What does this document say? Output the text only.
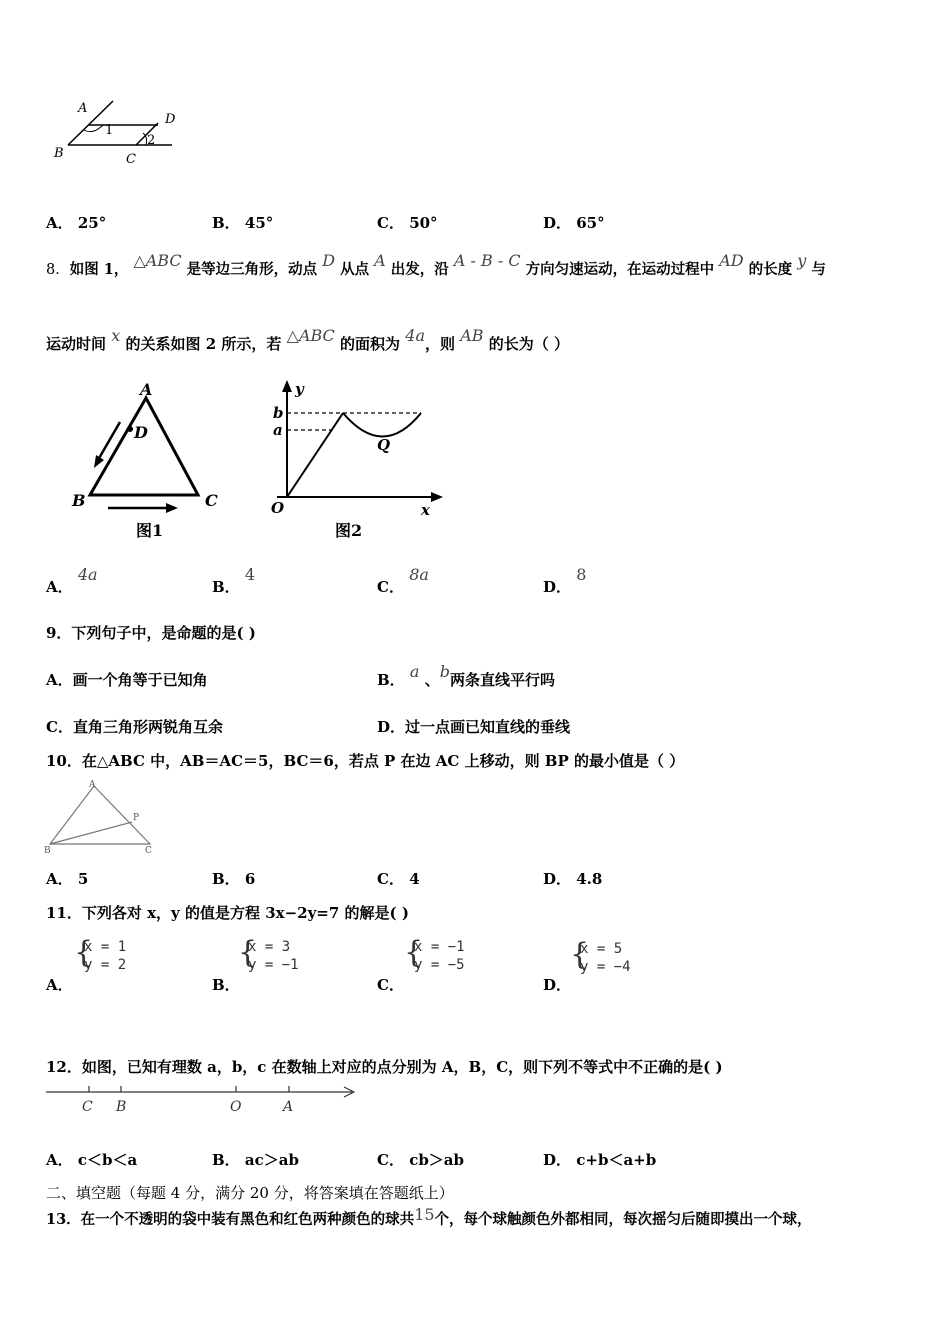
A
B	C
D
1
2
A． 25°	B． 45°	C． 50°	D． 65°
8．如图 1， △ABC 是等边三角形，动点 D 从点 A 出发，沿 A - B - C 方向匀速运动，在运动过程中 AD 的长度 y 与
运动时间 x 的关系如图 2 所示，若 △ABC 的面积为 4a，则 AB 的长为（ ）
A
D
B	C
图1
y
b
a
Q
O	x
图2
A． 4a
B． 4
C． 8a
D． 8
9．下列句子中，是命题的是( )
A．画一个角等于已知角	B． a 、b两条直线平行吗
C．直角三角形两锐角互余	D．过一点画已知直线的垂线
10．在△ABC 中，AB＝AC＝5，BC＝6，若点 P 在边 AC 上移动，则 BP 的最小值是（ ）
A
B	C
P
A． 5	B． 6	C． 4	D． 4.8
11．下列各对 x，y 的值是方程 3x−2y=7 的解是( )
A．
{
x = 1
y = 2
B．
{
x = 3
y = −1
C．
{
x = −1
y = −5
D．
{
x = 5
y = −4
12．如图，已知有理数 a，b，c 在数轴上对应的点分别为 A，B，C，则下列不等式中不正确的是( )
C B	O	A
A． c＜b＜a	B． ac＞ab	C． cb＞ab	D． c+b＜a+b
二、填空题（每题 4 分，满分 20 分，将答案填在答题纸上）
13．在一个不透明的袋中装有黑色和红色两种颜色的球共15个，每个球触颜色外都相同，每次摇匀后随即摸出一个球，
